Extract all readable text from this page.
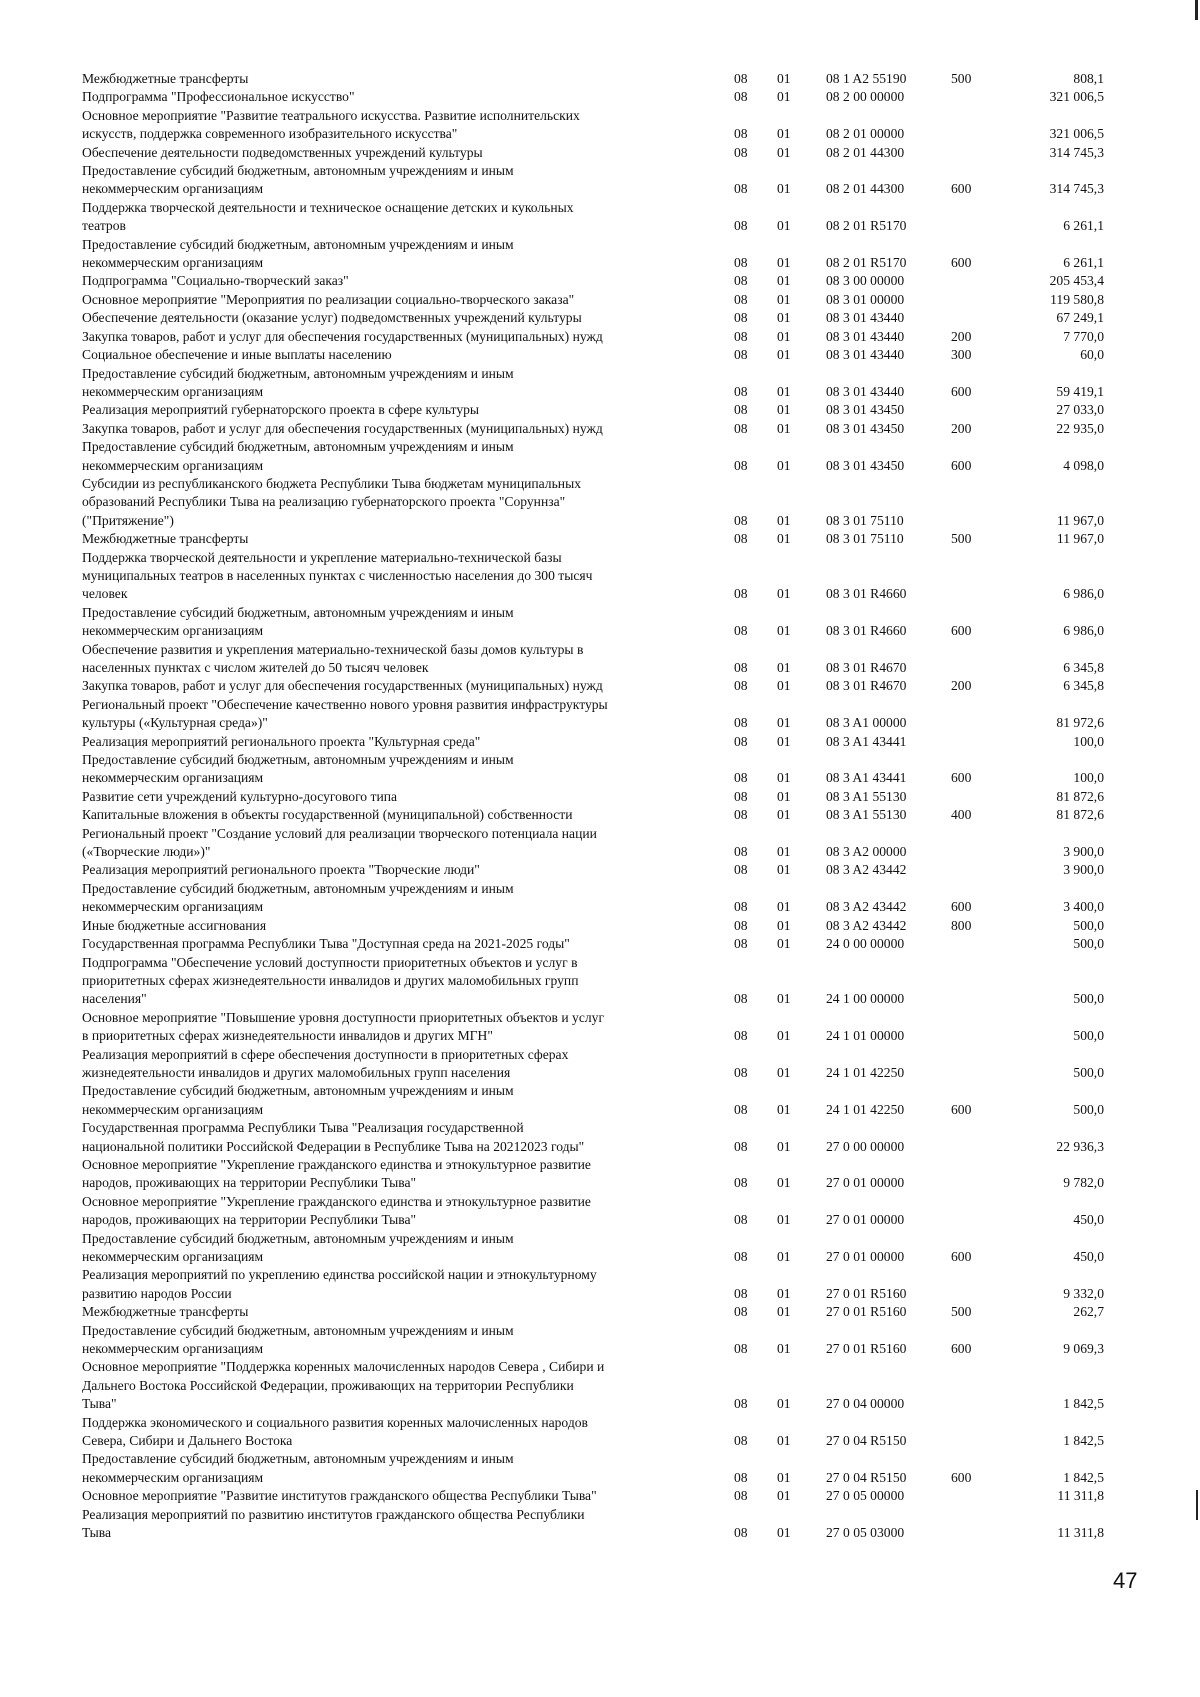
Межбюджетные трансферты	08 01	08 1 A2 55190	500	808,1
Подпрограмма "Профессиональное искусство"	08 01	08 2 00 00000	321 006,5
Основное мероприятие "Развитие театрального искусства. Развитие исполнительских
искусств, поддержка современного изобразительного искусства"	08 01	08 2 01 00000	321 006,5
Обеспечение деятельности подведомственных учреждений культуры	08 01	08 2 01 44300	314 745,3
Предоставление субсидий бюджетным, автономным учреждениям и иным
некоммерческим организациям	08 01	08 2 01 44300	600	314 745,3
Поддержка творческой деятельности и техническое оснащение детских и кукольных
театров	08 01	08 2 01 R5170	6 261,1
Предоставление субсидий бюджетным, автономным учреждениям и иным
некоммерческим организациям	08 01	08 2 01 R5170	600	6 261,1
Подпрограмма "Социально-творческий заказ"	08 01	08 3 00 00000	205 453,4
Основное мероприятие "Мероприятия по реализации социально-творческого заказа"	08 01	08 3 01 00000	119 580,8
Обеспечение деятельности (оказание услуг) подведомственных учреждений культуры	08 01	08 3 01 43440	67 249,1
Закупка товаров, работ и услуг для обеспечения государственных (муниципальных) нужд	08 01	08 3 01 43440	200	7 770,0
Социальное обеспечение и иные выплаты населению	08 01	08 3 01 43440	300	60,0
Предоставление субсидий бюджетным, автономным учреждениям и иным
некоммерческим организациям	08 01	08 3 01 43440	600	59 419,1
Реализация мероприятий губернаторского проекта в сфере культуры	08 01	08 3 01 43450	27 033,0
Закупка товаров, работ и услуг для обеспечения государственных (муниципальных) нужд	08 01	08 3 01 43450	200	22 935,0
Предоставление субсидий бюджетным, автономным учреждениям и иным
некоммерческим организациям	08 01	08 3 01 43450	600	4 098,0
Субсидии из республиканского бюджета Республики Тыва бюджетам муниципальных
образований Республики Тыва на реализацию губернаторского проекта "Соруннза"
("Притяжение")	08 01	08 3 01 75110	11 967,0
Межбюджетные трансферты	08 01	08 3 01 75110	500	11 967,0
Поддержка творческой деятельности и укрепление материально-технической базы
муниципальных театров в населенных пунктах с численностью населения до 300 тысяч
человек	08 01	08 3 01 R4660	6 986,0
Предоставление субсидий бюджетным, автономным учреждениям и иным
некоммерческим организациям	08 01	08 3 01 R4660	600	6 986,0
Обеспечение развития и укрепления материально-технической базы домов культуры в
населенных пунктах с числом жителей до 50 тысяч человек	08 01	08 3 01 R4670	6 345,8
Закупка товаров, работ и услуг для обеспечения государственных (муниципальных) нужд	08 01	08 3 01 R4670	200	6 345,8
Региональный проект "Обеспечение качественно нового уровня развития инфраструктуры
культуры («Культурная среда»)"	08 01	08 3 A1 00000	81 972,6
Реализация мероприятий регионального проекта "Культурная среда"	08 01	08 3 A1 43441	100,0
Предоставление субсидий бюджетным, автономным учреждениям и иным
некоммерческим организациям	08 01	08 3 A1 43441	600	100,0
Развитие сети учреждений культурно-досугового типа	08 01	08 3 A1 55130	81 872,6
Капитальные вложения в объекты государственной (муниципальной) собственности	08 01	08 3 A1 55130	400	81 872,6
Региональный проект "Создание условий для реализации творческого потенциала нации
(«Творческие люди»)"	08 01	08 3 A2 00000	3 900,0
Реализация мероприятий регионального проекта "Творческие люди"	08 01	08 3 A2 43442	3 900,0
Предоставление субсидий бюджетным, автономным учреждениям и иным
некоммерческим организациям	08 01	08 3 A2 43442	600	3 400,0
Иные бюджетные ассигнования	08 01	08 3 A2 43442	800	500,0
Государственная программа Республики Тыва "Доступная среда на 2021-2025 годы"	08 01	24 0 00 00000	500,0
Подпрограмма "Обеспечение условий доступности приоритетных объектов и услуг в
приоритетных сферах жизнедеятельности инвалидов и других маломобильных групп
населения"	08 01	24 1 00 00000	500,0
Основное мероприятие "Повышение уровня доступности приоритетных объектов и услуг
в приоритетных сферах жизнедеятельности инвалидов и других МГН"	08 01	24 1 01 00000	500,0
Реализация мероприятий в сфере обеспечения доступности в приоритетных сферах
жизнедеятельности инвалидов и других маломобильных групп населения	08 01	24 1 01 42250	500,0
Предоставление субсидий бюджетным, автономным учреждениям и иным
некоммерческим организациям	08 01	24 1 01 42250	600	500,0
Государственная программа Республики Тыва "Реализация государственной
национальной политики Российской Федерации в Республике Тыва на 20212023 годы"	08 01	27 0 00 00000	22 936,3
Основное мероприятие "Укрепление гражданского единства и этнокультурное развитие
народов, проживающих на территории Республики Тыва"	08 01	27 0 01 00000	9 782,0
Основное мероприятие "Укрепление гражданского единства и этнокультурное развитие
народов, проживающих на территории Республики Тыва"	08 01	27 0 01 00000	450,0
Предоставление субсидий бюджетным, автономным учреждениям и иным
некоммерческим организациям	08 01	27 0 01 00000	600	450,0
Реализация мероприятий по укреплению единства российской нации и этнокультурному
развитию народов России	08 01	27 0 01 R5160	9 332,0
Межбюджетные трансферты	08 01	27 0 01 R5160	500	262,7
Предоставление субсидий бюджетным, автономным учреждениям и иным
некоммерческим организациям	08 01	27 0 01 R5160	600	9 069,3
Основное мероприятие "Поддержка коренных малочисленных народов Севера , Сибири и
Дальнего Востока Российской Федерации, проживающих на территории Республики
Тыва"	08 01	27 0 04 00000	1 842,5
Поддержка экономического и социального развития коренных малочисленных народов
Севера, Сибири и Дальнего Востока	08 01	27 0 04 R5150	1 842,5
Предоставление субсидий бюджетным, автономным учреждениям и иным
некоммерческим организациям	08 01	27 0 04 R5150	600	1 842,5
Основное мероприятие "Развитие институтов гражданского общества Республики Тыва"	08 01	27 0 05 00000	11 311,8
Реализация мероприятий по развитию институтов гражданского общества Республики
Тыва	08 01	27 0 05 03000	11 311,8
47
